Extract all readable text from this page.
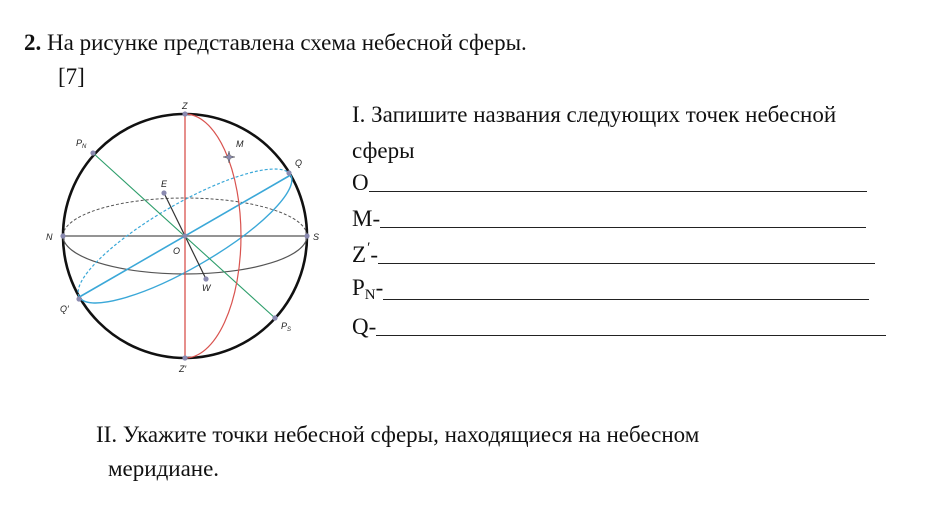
2. На рисунке представлена схема небесной сферы.
[7]
Z
Z′
N	S
O
E
W
M
Q
Q′
$P_N$
$P_S$
I. Запишите названия следующих точек небесной
сферы
O
M-
Z′-
$P_N-$
Q-
II. Укажите точки небесной сферы, находящиеся на небесном
меридиане.
